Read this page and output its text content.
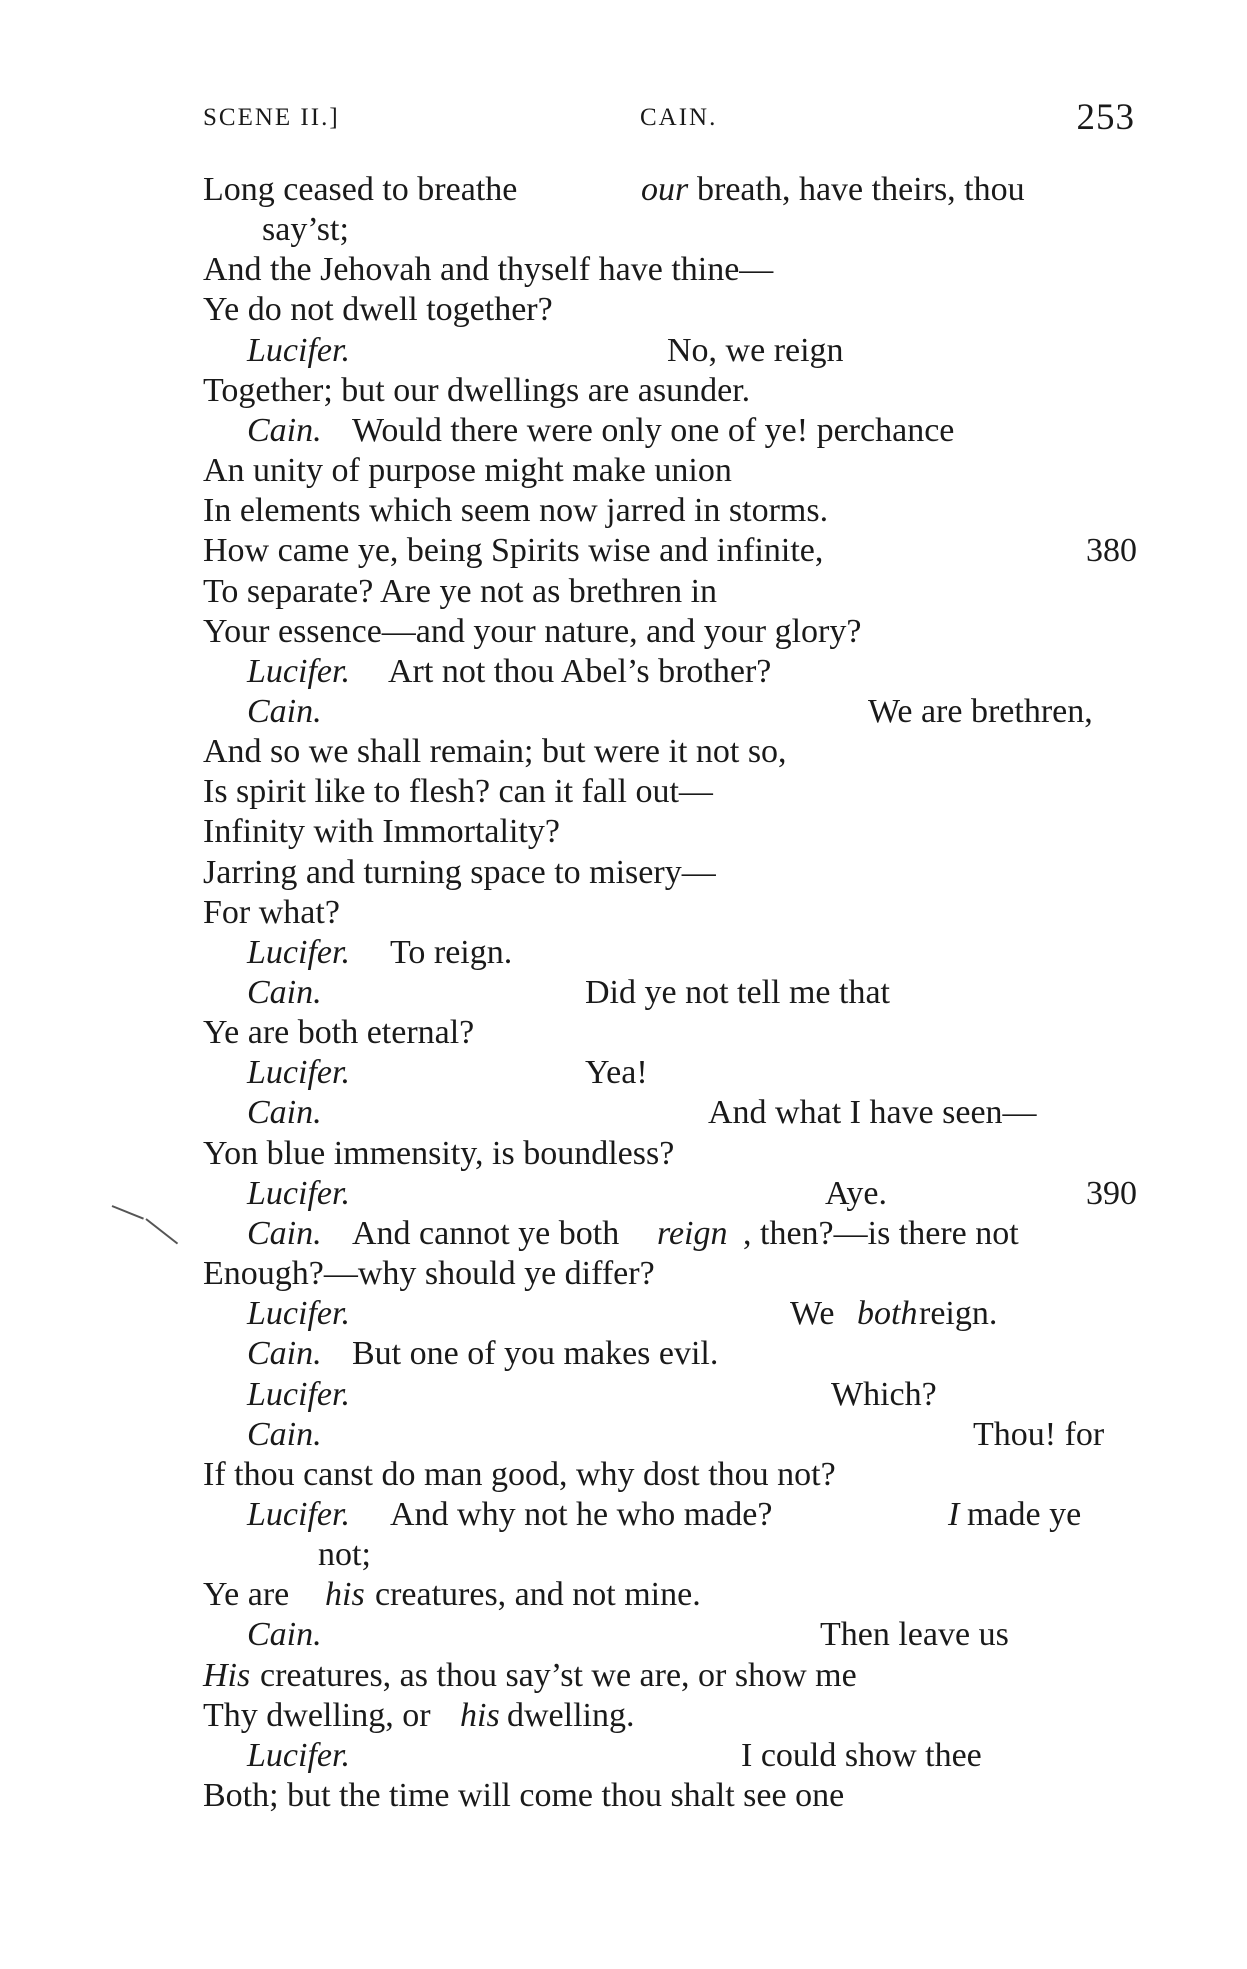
SCENE II.]	CAIN.	253
Long ceased to breathe	our breath, have theirs, thou
say’st;
And the Jehovah and thyself have thine—
Ye do not dwell together?
Lucifer.	No, we reign
Together; but our dwellings are asunder.
Cain. Would there were only one of ye! perchance
An unity of purpose might make union
In elements which seem now jarred in storms.
How came ye, being Spirits wise and infinite,	380
To separate? Are ye not as brethren in
Your essence—and your nature, and your glory?
Lucifer. Art not thou Abel’s brother?
Cain.	We are brethren,
And so we shall remain; but were it not so,
Is spirit like to flesh? can it fall out—
Infinity with Immortality?
Jarring and turning space to misery—
For what?
Lucifer. To reign.
Cain.	Did ye not tell me that
Ye are both eternal?
Lucifer.	Yea!
Cain.	And what I have seen—
Yon blue immensity, is boundless?
Lucifer.	Aye.	390
Cain. And cannot ye both reign , then?—is there not
Enough?—why should ye differ?
Lucifer.	We both reign.
Cain. But one of you makes evil.
Lucifer.	Which?
Cain.	Thou! for
If thou canst do man good, why dost thou not?
Lucifer. And why not he who made?	I made ye
not;
Ye are his creatures, and not mine.
Cain.	Then leave us
His creatures, as thou say’st we are, or show me
Thy dwelling, or his dwelling.
Lucifer.	I could show thee
Both; but the time will come thou shalt see one
